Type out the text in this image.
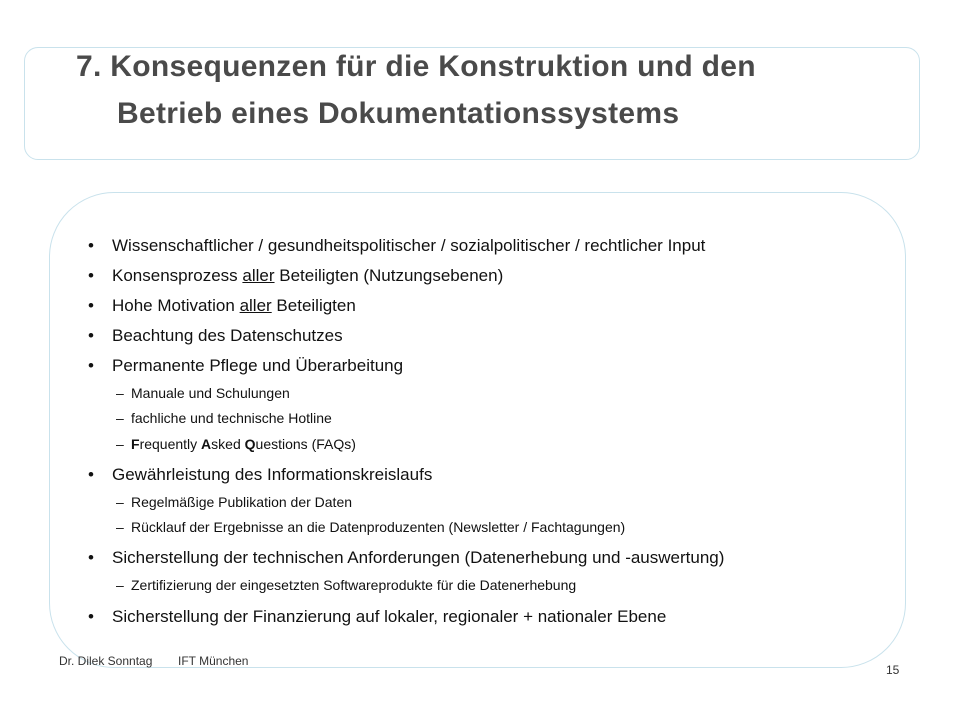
7. Konsequenzen für die Konstruktion und den
Betrieb eines Dokumentationssystems
• Wissenschaftlicher / gesundheitspolitischer / sozialpolitischer / rechtlicher Input
• Konsensprozess aller Beteiligten (Nutzungsebenen)
• Hohe Motivation aller Beteiligten
• Beachtung des Datenschutzes
• Permanente Pflege und Überarbeitung
– Manuale und Schulungen
– fachliche und technische Hotline
– Frequently Asked Questions (FAQs)
• Gewährleistung des Informationskreislaufs
– Regelmäßige Publikation der Daten
– Rücklauf der Ergebnisse an die Datenproduzenten (Newsletter / Fachtagungen)
• Sicherstellung der technischen Anforderungen (Datenerhebung und -auswertung)
– Zertifizierung der eingesetzten Softwareprodukte für die Datenerhebung
• Sicherstellung der Finanzierung auf lokaler, regionaler + nationaler Ebene
Dr. Dilek Sonntag IFT München
15
